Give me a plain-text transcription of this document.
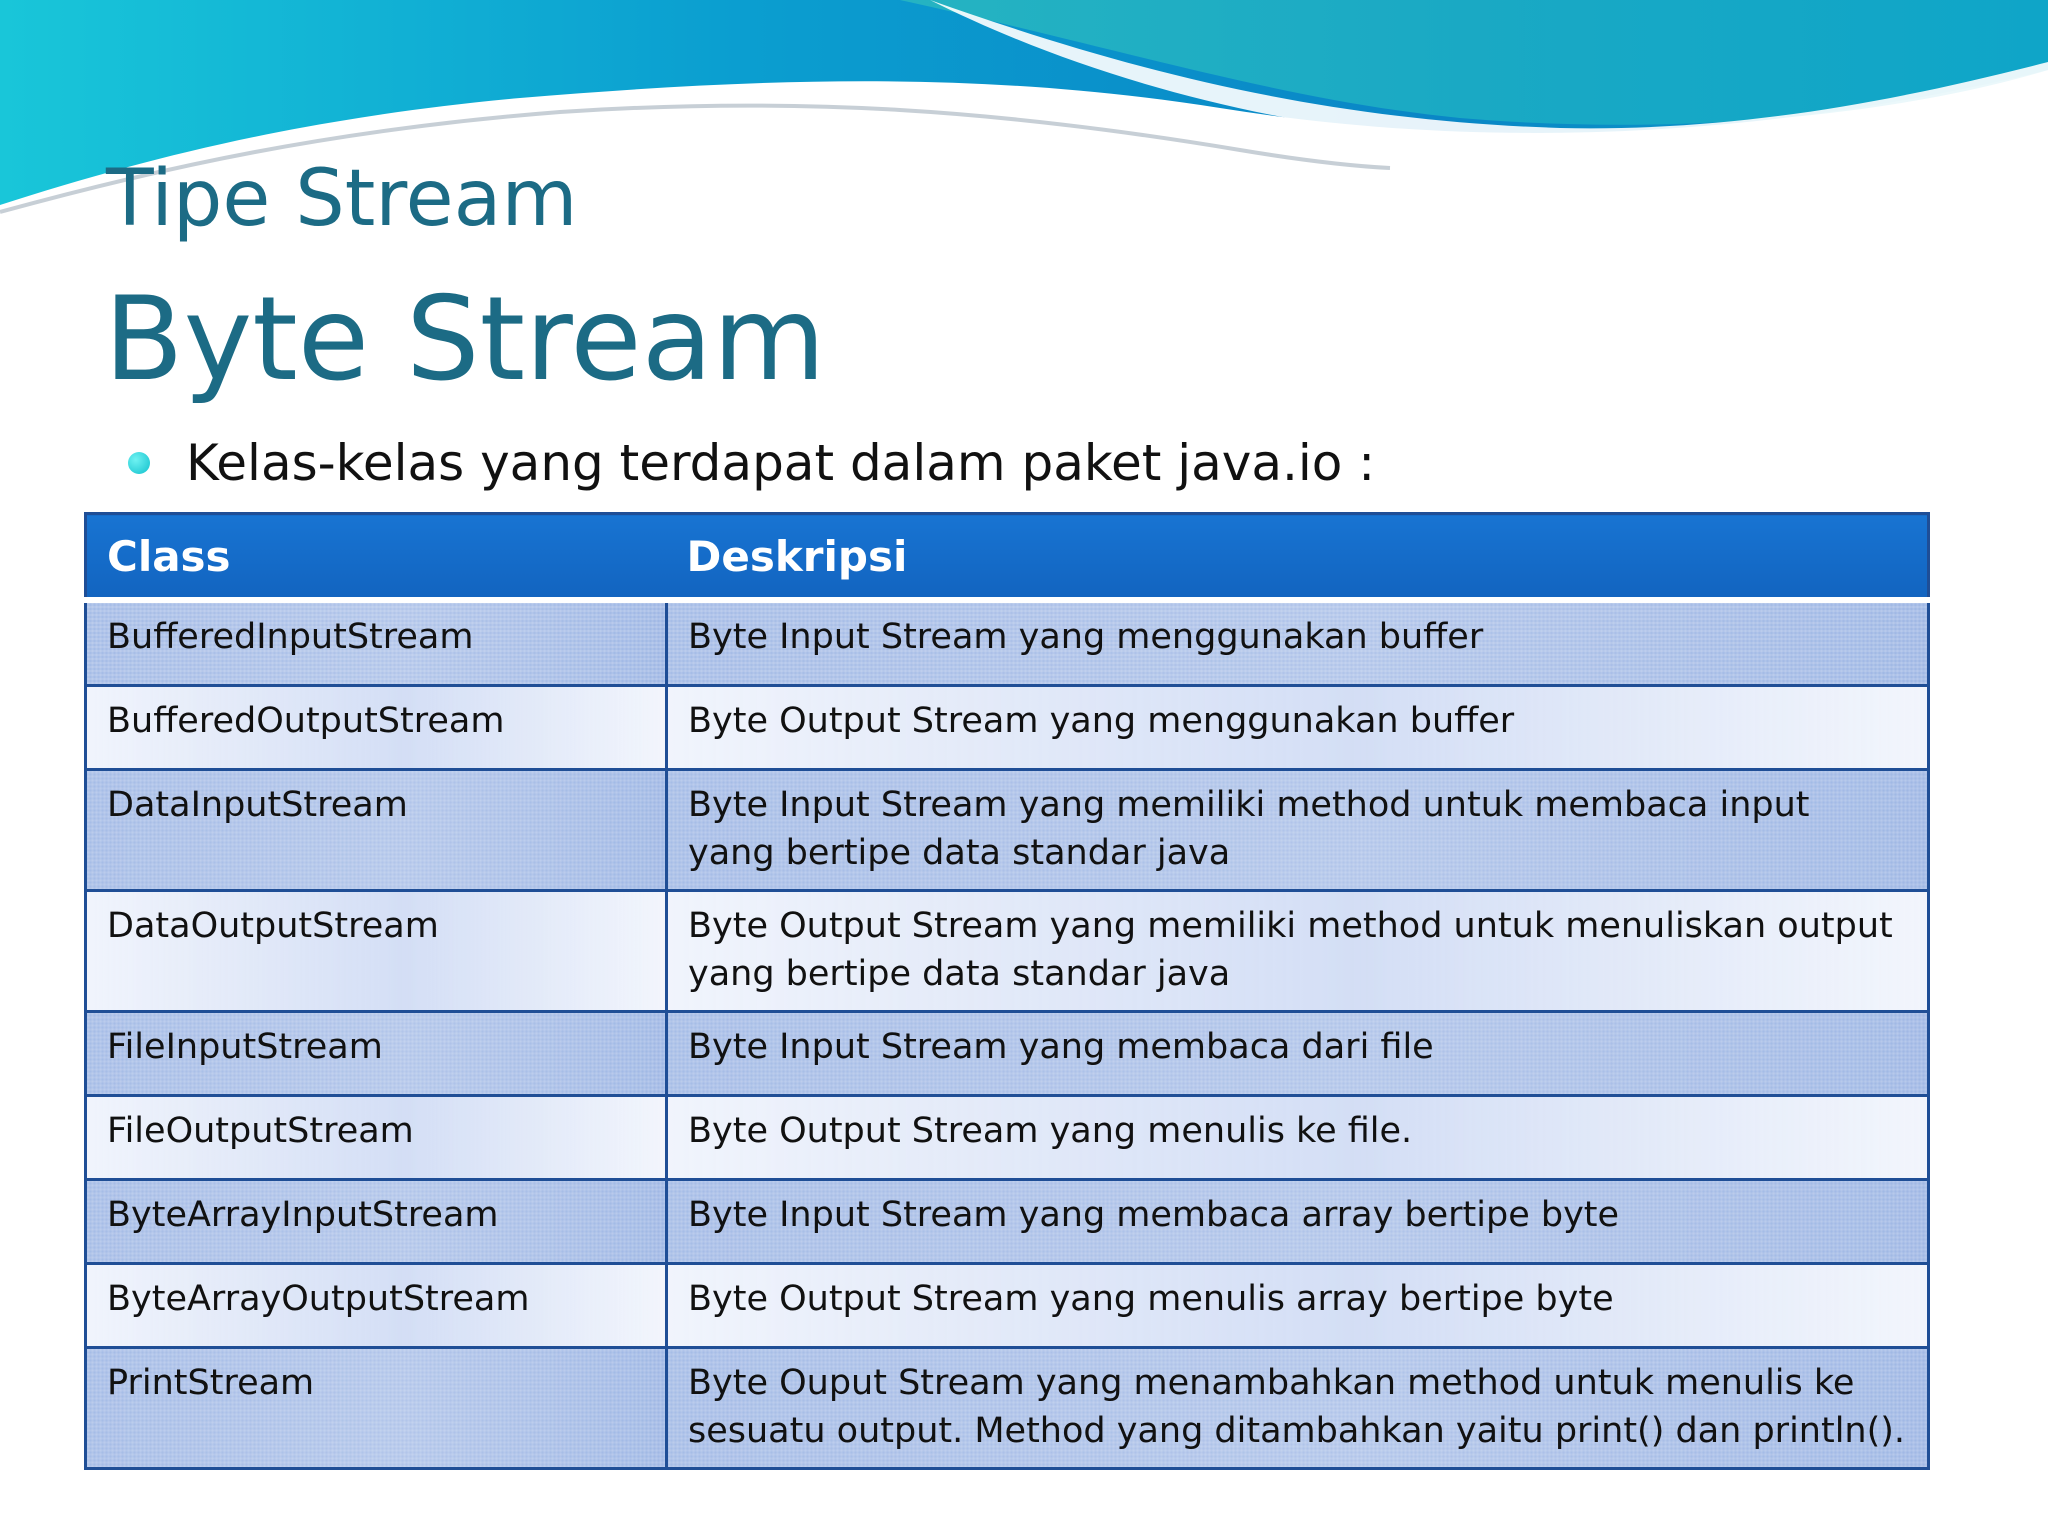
Tipe Stream
Byte Stream
Kelas-kelas yang terdapat dalam paket java.io :
Class	Deskripsi
BufferedInputStream	Byte Input Stream yang menggunakan buffer
BufferedOutputStream	Byte Output Stream yang menggunakan buffer
DataInputStream	Byte Input Stream yang memiliki method untuk membaca input yang bertipe data standar java
DataOutputStream	Byte Output Stream yang memiliki method untuk menuliskan output yang bertipe data standar java
FileInputStream	Byte Input Stream yang membaca dari file
FileOutputStream	Byte Output Stream yang menulis ke file.
ByteArrayInputStream	Byte Input Stream yang membaca array bertipe byte
ByteArrayOutputStream	Byte Output Stream yang menulis array bertipe byte
PrintStream	Byte Ouput Stream yang menambahkan method untuk menulis ke sesuatu output. Method yang ditambahkan yaitu print() dan println().
